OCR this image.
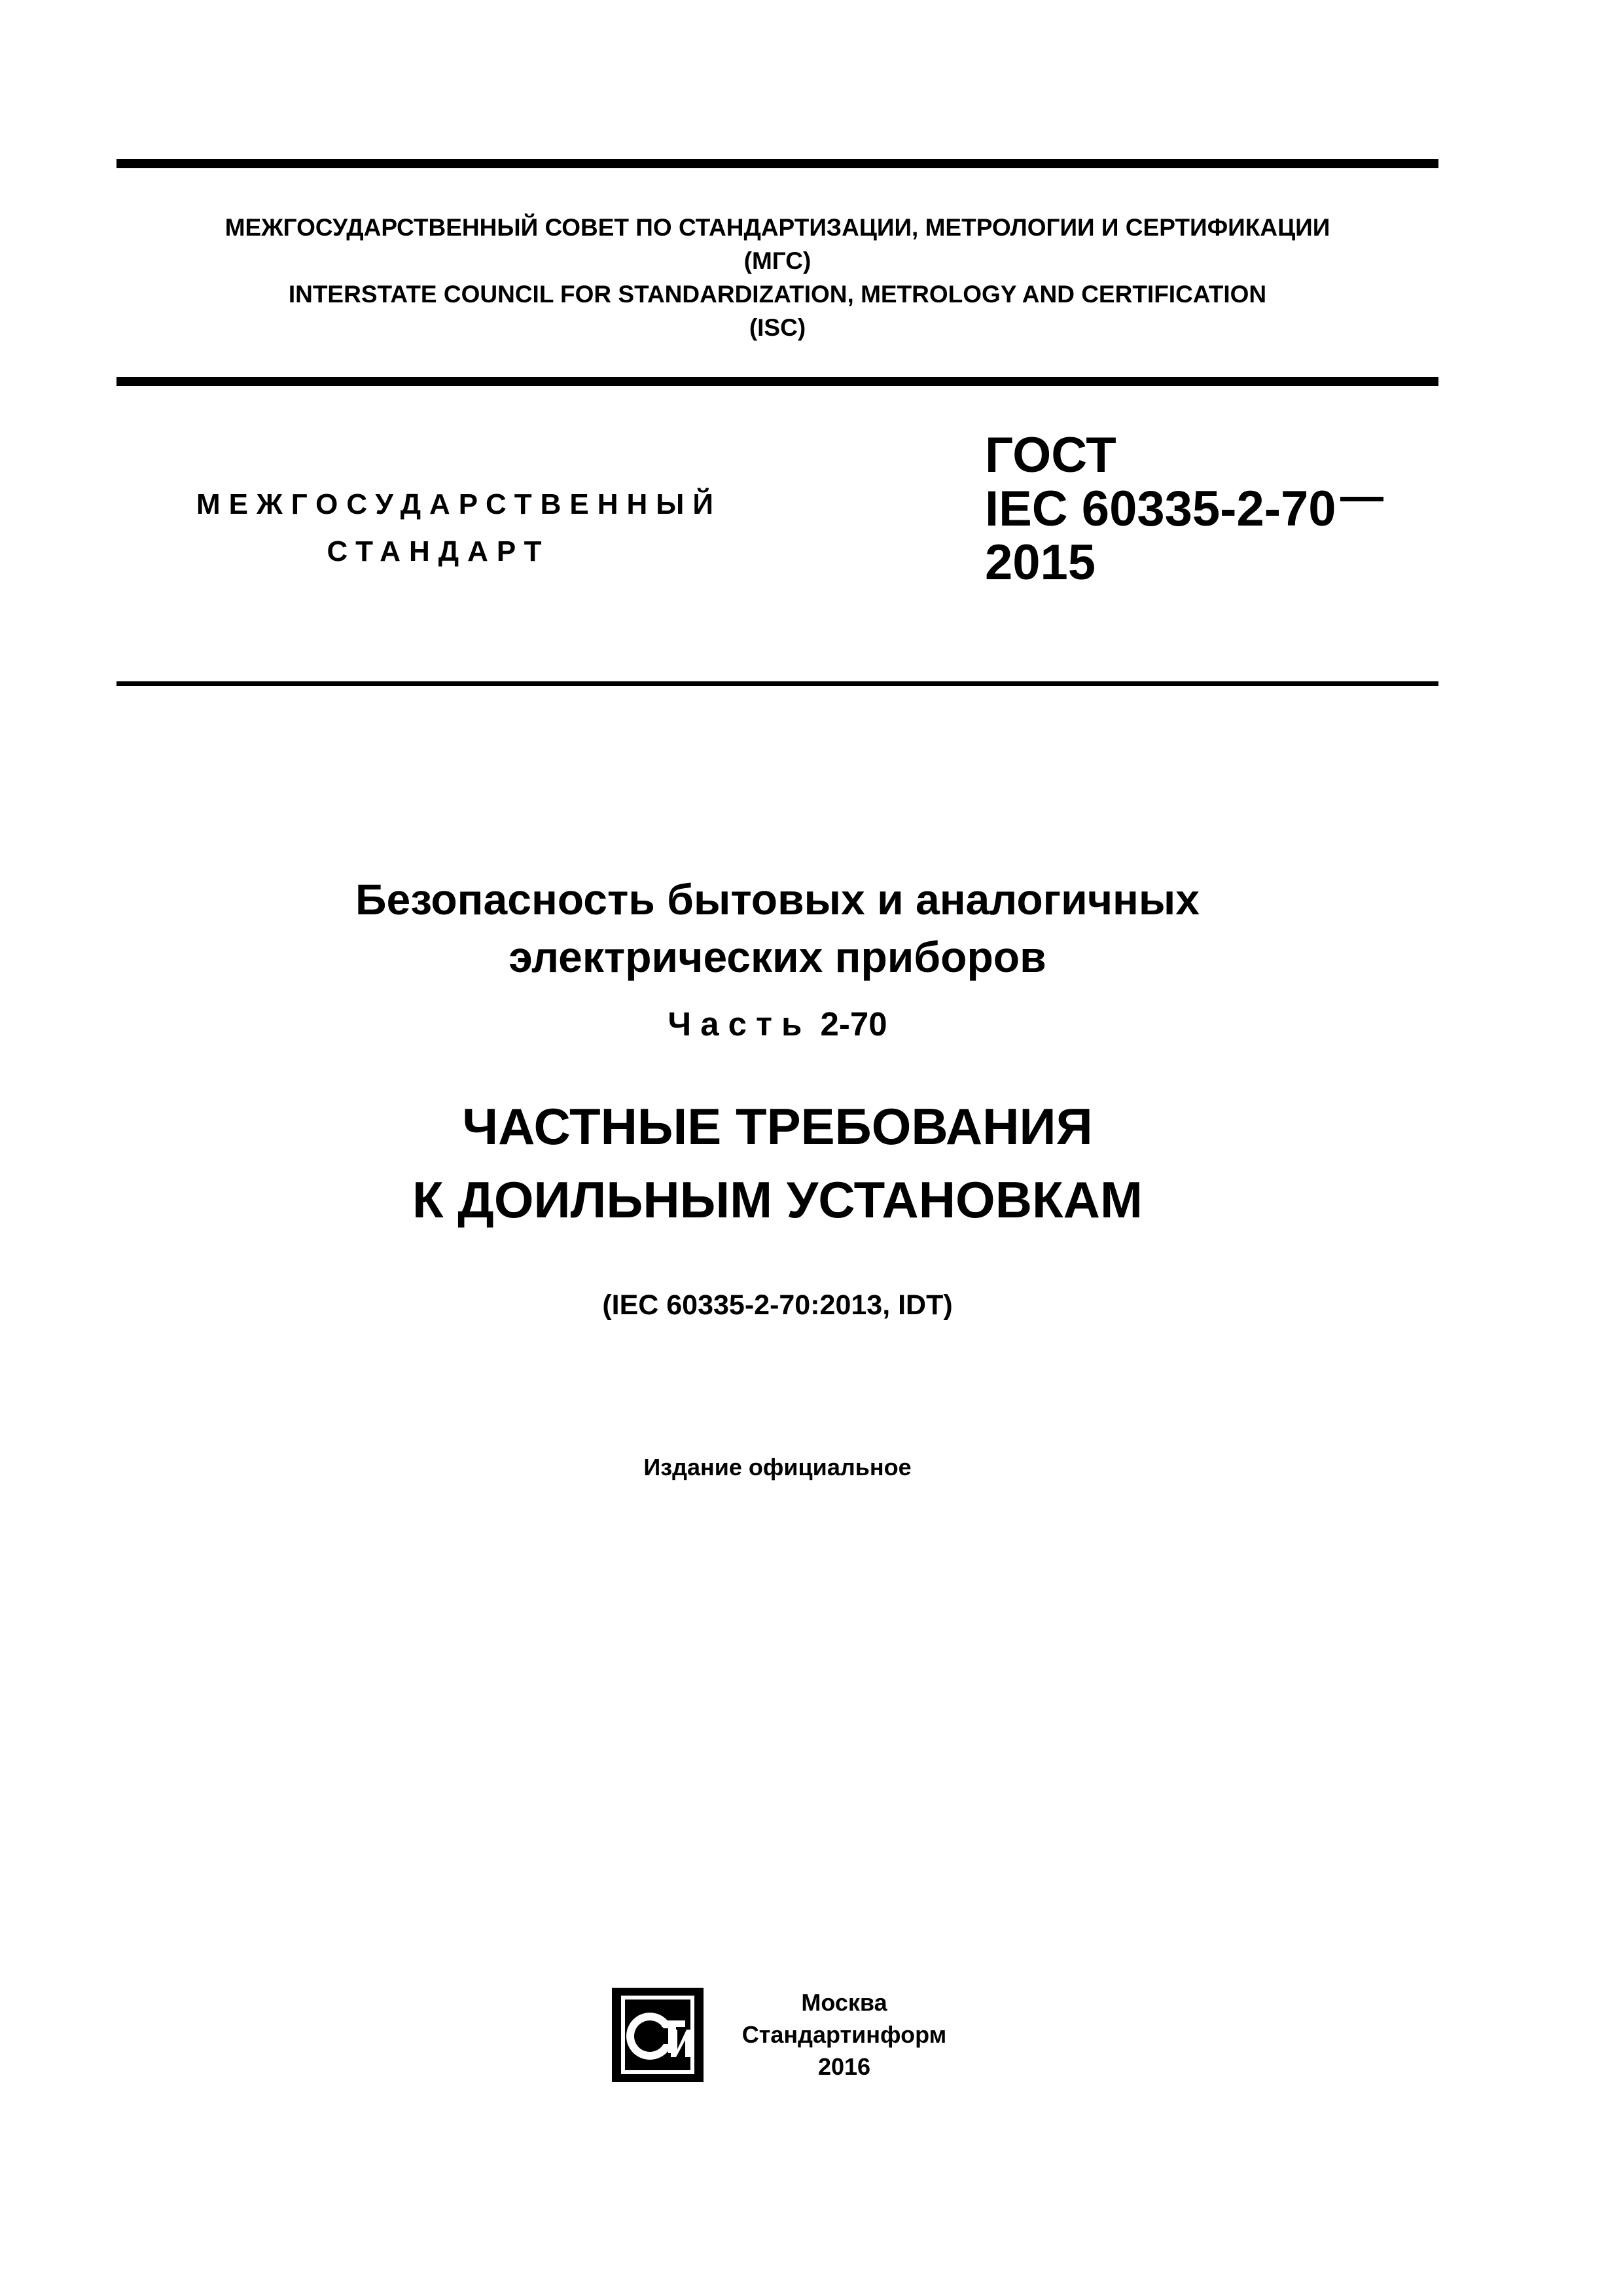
МЕЖГОСУДАРСТВЕННЫЙ СОВЕТ ПО СТАНДАРТИЗАЦИИ, МЕТРОЛОГИИ И СЕРТИФИКАЦИИ
(МГС)
INTERSTATE COUNCIL FOR STANDARDIZATION, METROLOGY AND CERTIFICATION
(ISC)
МЕЖГОСУДАРСТВЕННЫЙ
СТАНДАРТ
ГОСТ
IEC 60335-2-70
2015
Безопасность бытовых и аналогичных
электрических приборов
Часть 2-70
ЧАСТНЫЕ ТРЕБОВАНИЯ
К ДОИЛЬНЫМ УСТАНОВКАМ
(IEC 60335-2-70:2013, IDT)
Издание официальное
Москва
Стандартинформ
2016
